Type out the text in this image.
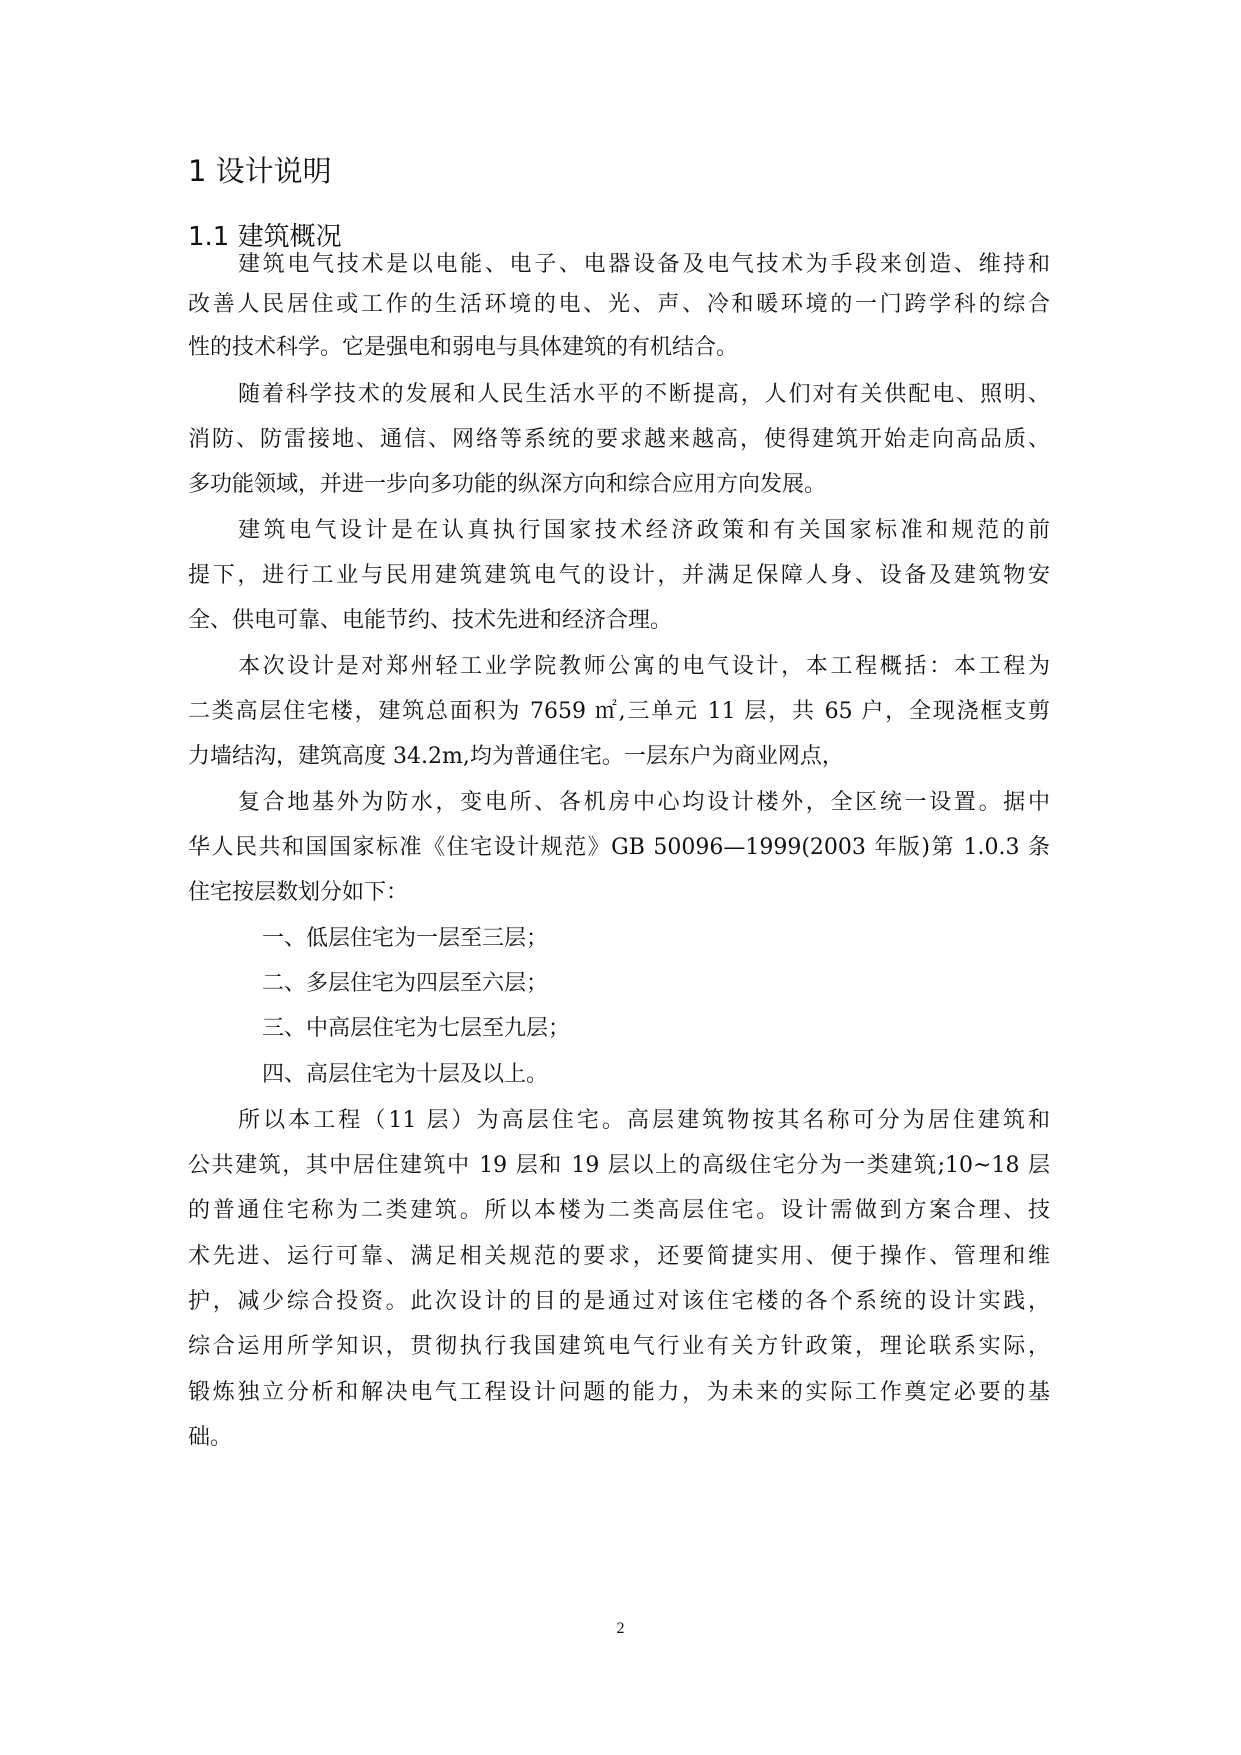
1 设计说明
1.1 建筑概况
建筑电气技术是以电能、电子、电器设备及电气技术为手段来创造、维持和
改善人民居住或工作的生活环境的电、光、声、冷和暖环境的一门跨学科的综合
性的技术科学。它是强电和弱电与具体建筑的有机结合。
随着科学技术的发展和人民生活水平的不断提高，人们对有关供配电、照明、
消防、防雷接地、通信、网络等系统的要求越来越高，使得建筑开始走向高品质、
多功能领域，并进一步向多功能的纵深方向和综合应用方向发展。
建筑电气设计是在认真执行国家技术经济政策和有关国家标准和规范的前
提下，进行工业与民用建筑建筑电气的设计，并满足保障人身、设备及建筑物安
全、供电可靠、电能节约、技术先进和经济合理。
本次设计是对郑州轻工业学院教师公寓的电气设计，本工程概括：本工程为
二类高层住宅楼，建筑总面积为 7659 ㎡,三单元 11 层，共 65 户，全现浇框支剪
力墙结沟，建筑高度 34.2m,均为普通住宅。一层东户为商业网点，
复合地基外为防水，变电所、各机房中心均设计楼外，全区统一设置。据中
华人民共和国国家标准《住宅设计规范》GB 50096—1999(2003 年版)第 1.0.3 条
住宅按层数划分如下：
一、低层住宅为一层至三层；
二、多层住宅为四层至六层；
三、中高层住宅为七层至九层；
四、高层住宅为十层及以上。
所以本工程（11 层）为高层住宅。高层建筑物按其名称可分为居住建筑和
公共建筑，其中居住建筑中 19 层和 19 层以上的高级住宅分为一类建筑;10~18 层
的普通住宅称为二类建筑。所以本楼为二类高层住宅。设计需做到方案合理、技
术先进、运行可靠、满足相关规范的要求，还要简捷实用、便于操作、管理和维
护，减少综合投资。此次设计的目的是通过对该住宅楼的各个系统的设计实践，
综合运用所学知识，贯彻执行我国建筑电气行业有关方针政策，理论联系实际，
锻炼独立分析和解决电气工程设计问题的能力，为未来的实际工作奠定必要的基
础。
2
